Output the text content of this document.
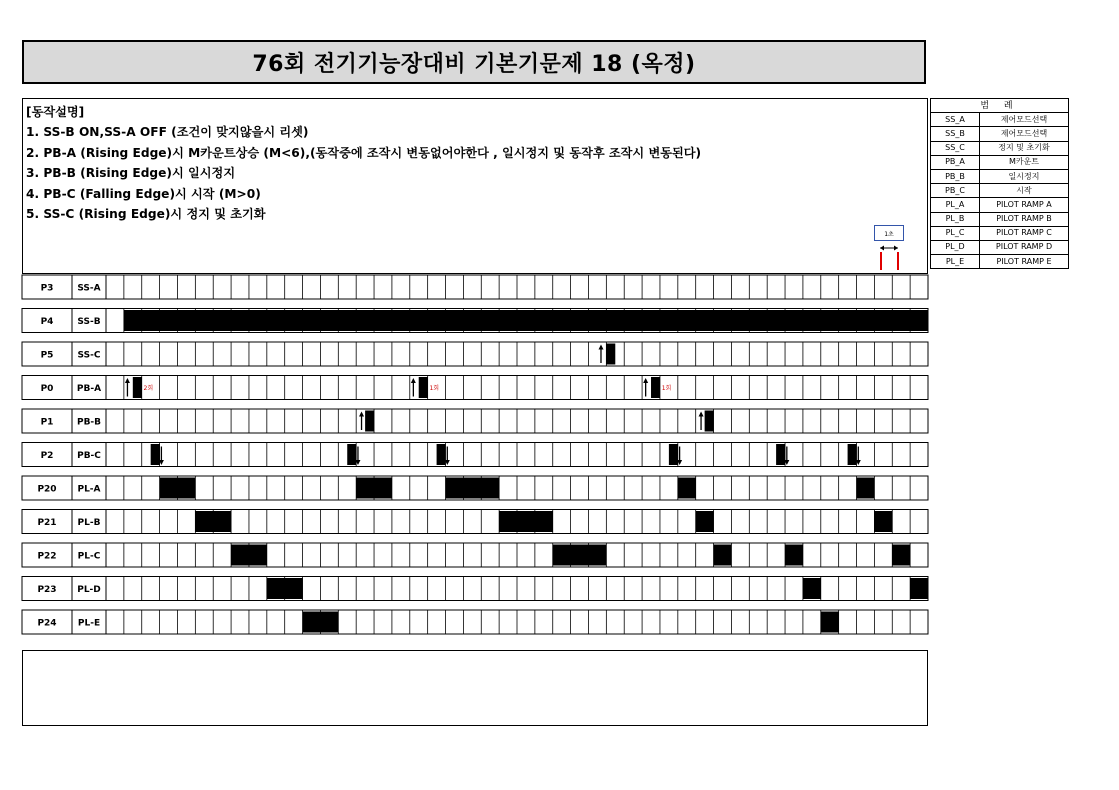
76회 전기기능장대비 기본기문제 18 (옥정)
[동작설명]
1. SS-B ON,SS-A OFF (조건이 맞지않을시 리셋)
2. PB-A (Rising Edge)시 M카운트상승 (M<6),(동작중에 조작시 변동없어야한다 , 일시정지 및 동작후 조작시 변동된다)
3. PB-B (Rising Edge)시 일시정지
4. PB-C (Falling Edge)시 시작 (M>0)
5. SS-C (Rising Edge)시 정지 및 초기화
범 례	
SS_A	제어모드선택
SS_B	제어모드선택
SS_C	정지 및 초기화
PB_A	M카운트
PB_B	일시정지
PB_C	시작
PL_A	PILOT RAMP A
PL_B	PILOT RAMP B
PL_C	PILOT RAMP C
PL_D	PILOT RAMP D
PL_E	PILOT RAMP E
1초
P3	SS-A
P4	SS-B
P5	SS-C
P0	PB-A	2회	1회	1회
P1	PB-B
P2	PB-C
P20 PL-A
P21 PL-B
P22 PL-C
P23 PL-D
P24 PL-E
